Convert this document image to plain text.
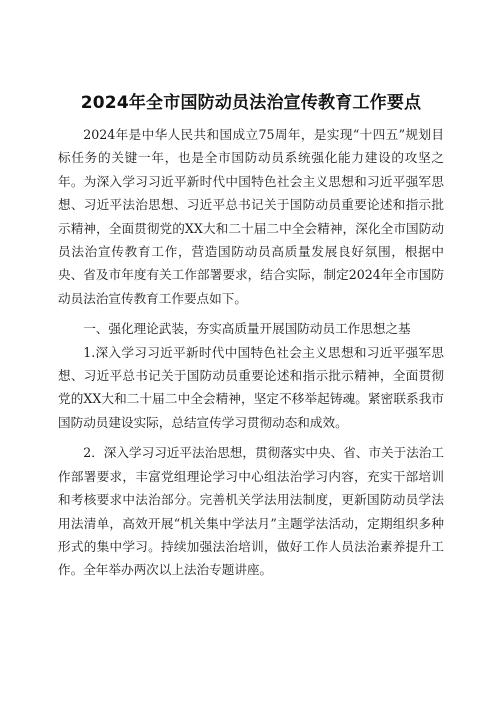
2024年全市国防动员法治宣传教育工作要点

2024年是中华人民共和国成立75周年，是实现“十四五”规划目标任务的关键一年，也是全市国防动员系统强化能力建设的攻坚之年。为深入学习习近平新时代中国特色社会主义思想和习近平强军思想、习近平法治思想、习近平总书记关于国防动员重要论述和指示批示精神，全面贯彻党的XX大和二十届二中全会精神，深化全市国防动员法治宣传教育工作，营造国防动员高质量发展良好氛围，根据中央、省及市年度有关工作部署要求，结合实际，制定2024年全市国防动员法治宣传教育工作要点如下。

一、强化理论武装，夯实高质量开展国防动员工作思想之基

1.深入学习习近平新时代中国特色社会主义思想和习近平强军思想、习近平总书记关于国防动员重要论述和指示批示精神，全面贯彻党的XX大和二十届二中全会精神，坚定不移举起铸魂。紧密联系我市国防动员建设实际，总结宣传学习贯彻动态和成效。

2．深入学习习近平法治思想，贯彻落实中央、省、市关于法治工作部署要求，丰富党组理论学习中心组法治学习内容，充实干部培训和考核要求中法治部分。完善机关学法用法制度，更新国防动员学法用法清单，高效开展“机关集中学法月”主题学法活动，定期组织多种形式的集中学习。持续加强法治培训，做好工作人员法治素养提升工作。全年举办两次以上法治专题讲座。
